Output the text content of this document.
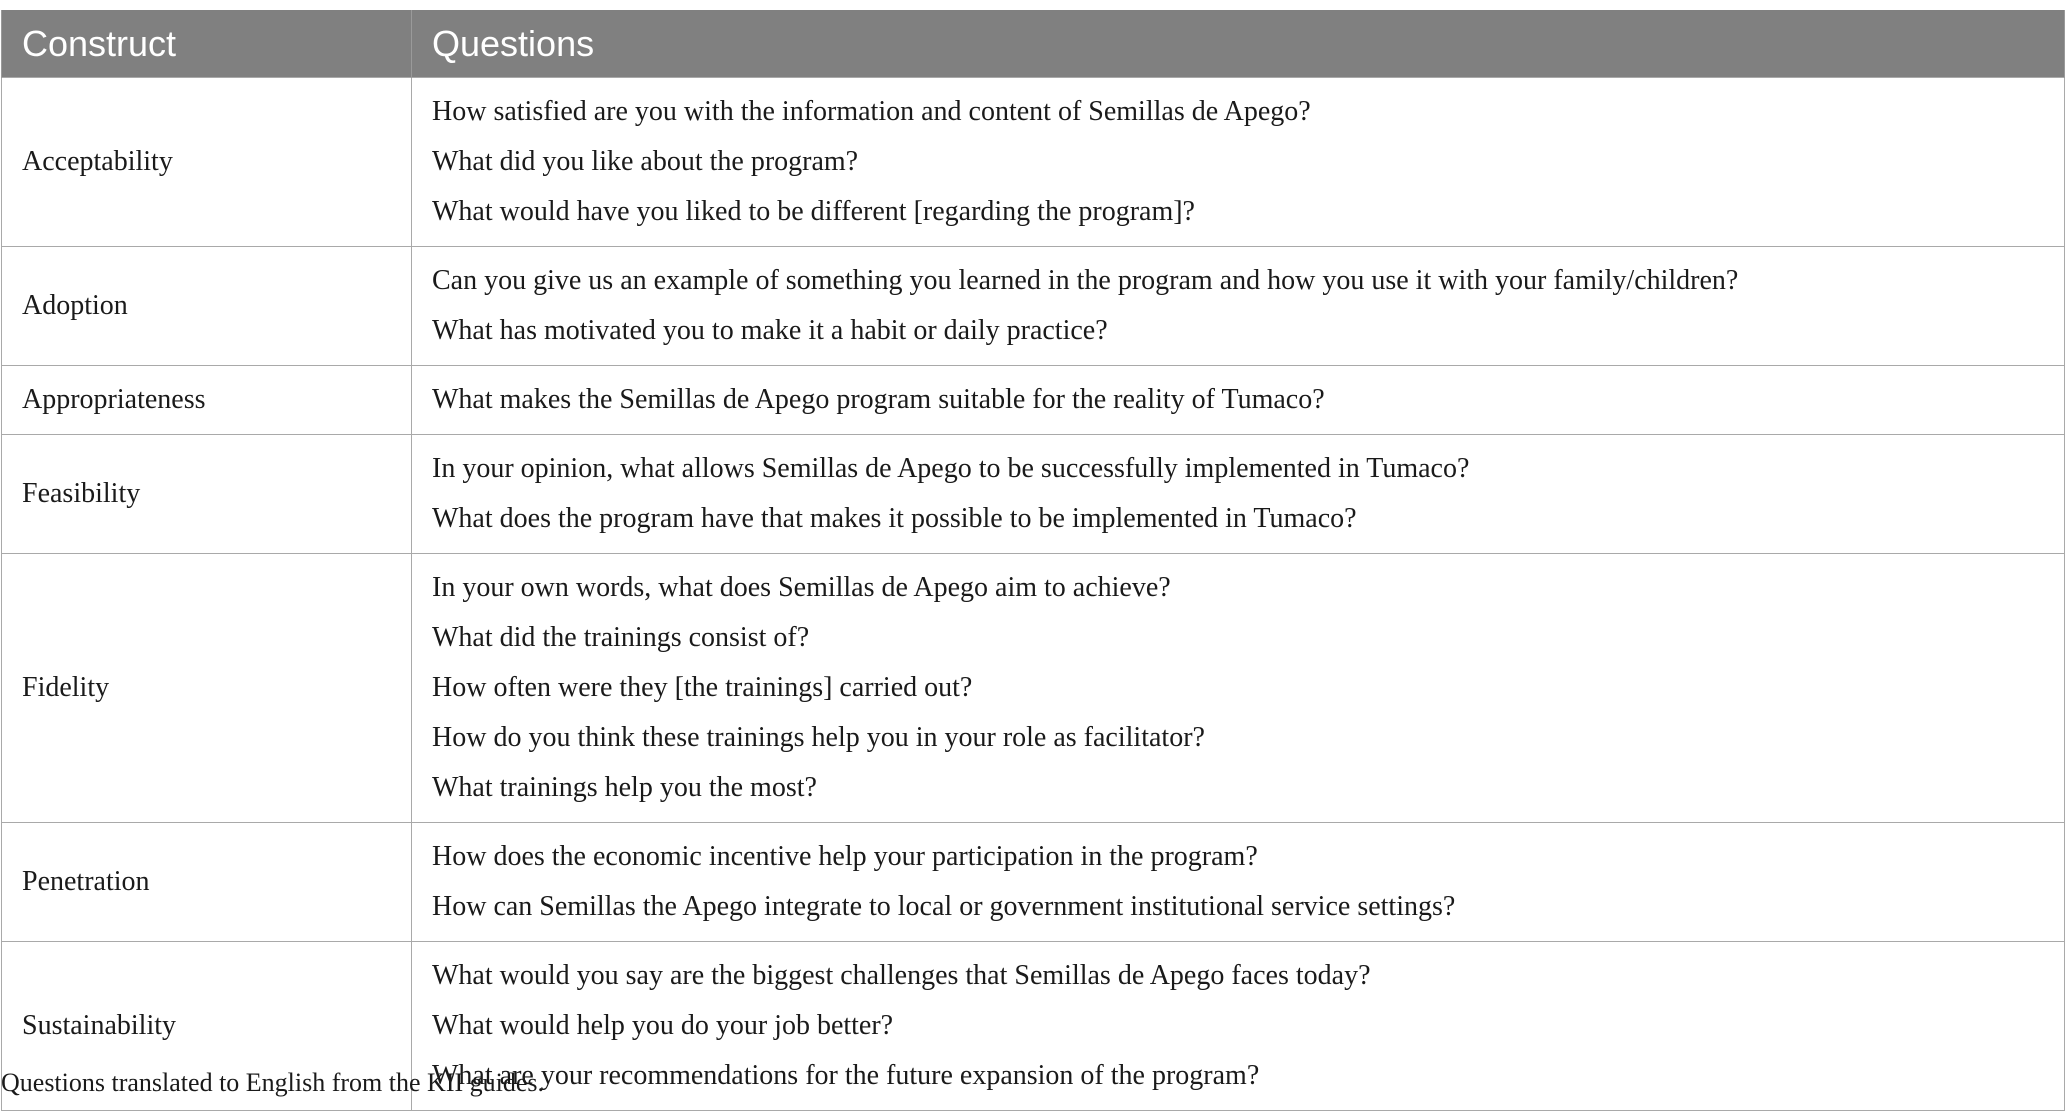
Construct	Questions
Acceptability	How satisfied are you with the information and content of Semillas de Apego?
What did you like about the program?
What would have you liked to be different [regarding the program]?

Adoption	Can you give us an example of something you learned in the program and how you use it with your family/children?
What has motivated you to make it a habit or daily practice?

Appropriateness	What makes the Semillas de Apego program suitable for the reality of Tumaco?

Feasibility	In your opinion, what allows Semillas de Apego to be successfully implemented in Tumaco?
What does the program have that makes it possible to be implemented in Tumaco?

Fidelity	In your own words, what does Semillas de Apego aim to achieve?
What did the trainings consist of?
How often were they [the trainings] carried out?
How do you think these trainings help you in your role as facilitator?
What trainings help you the most?

Penetration	How does the economic incentive help your participation in the program?
How can Semillas the Apego integrate to local or government institutional service settings?

Sustainability	What would you say are the biggest challenges that Semillas de Apego faces today?
What would help you do your job better?
What are your recommendations for the future expansion of the program?
Questions translated to English from the KII guides.
